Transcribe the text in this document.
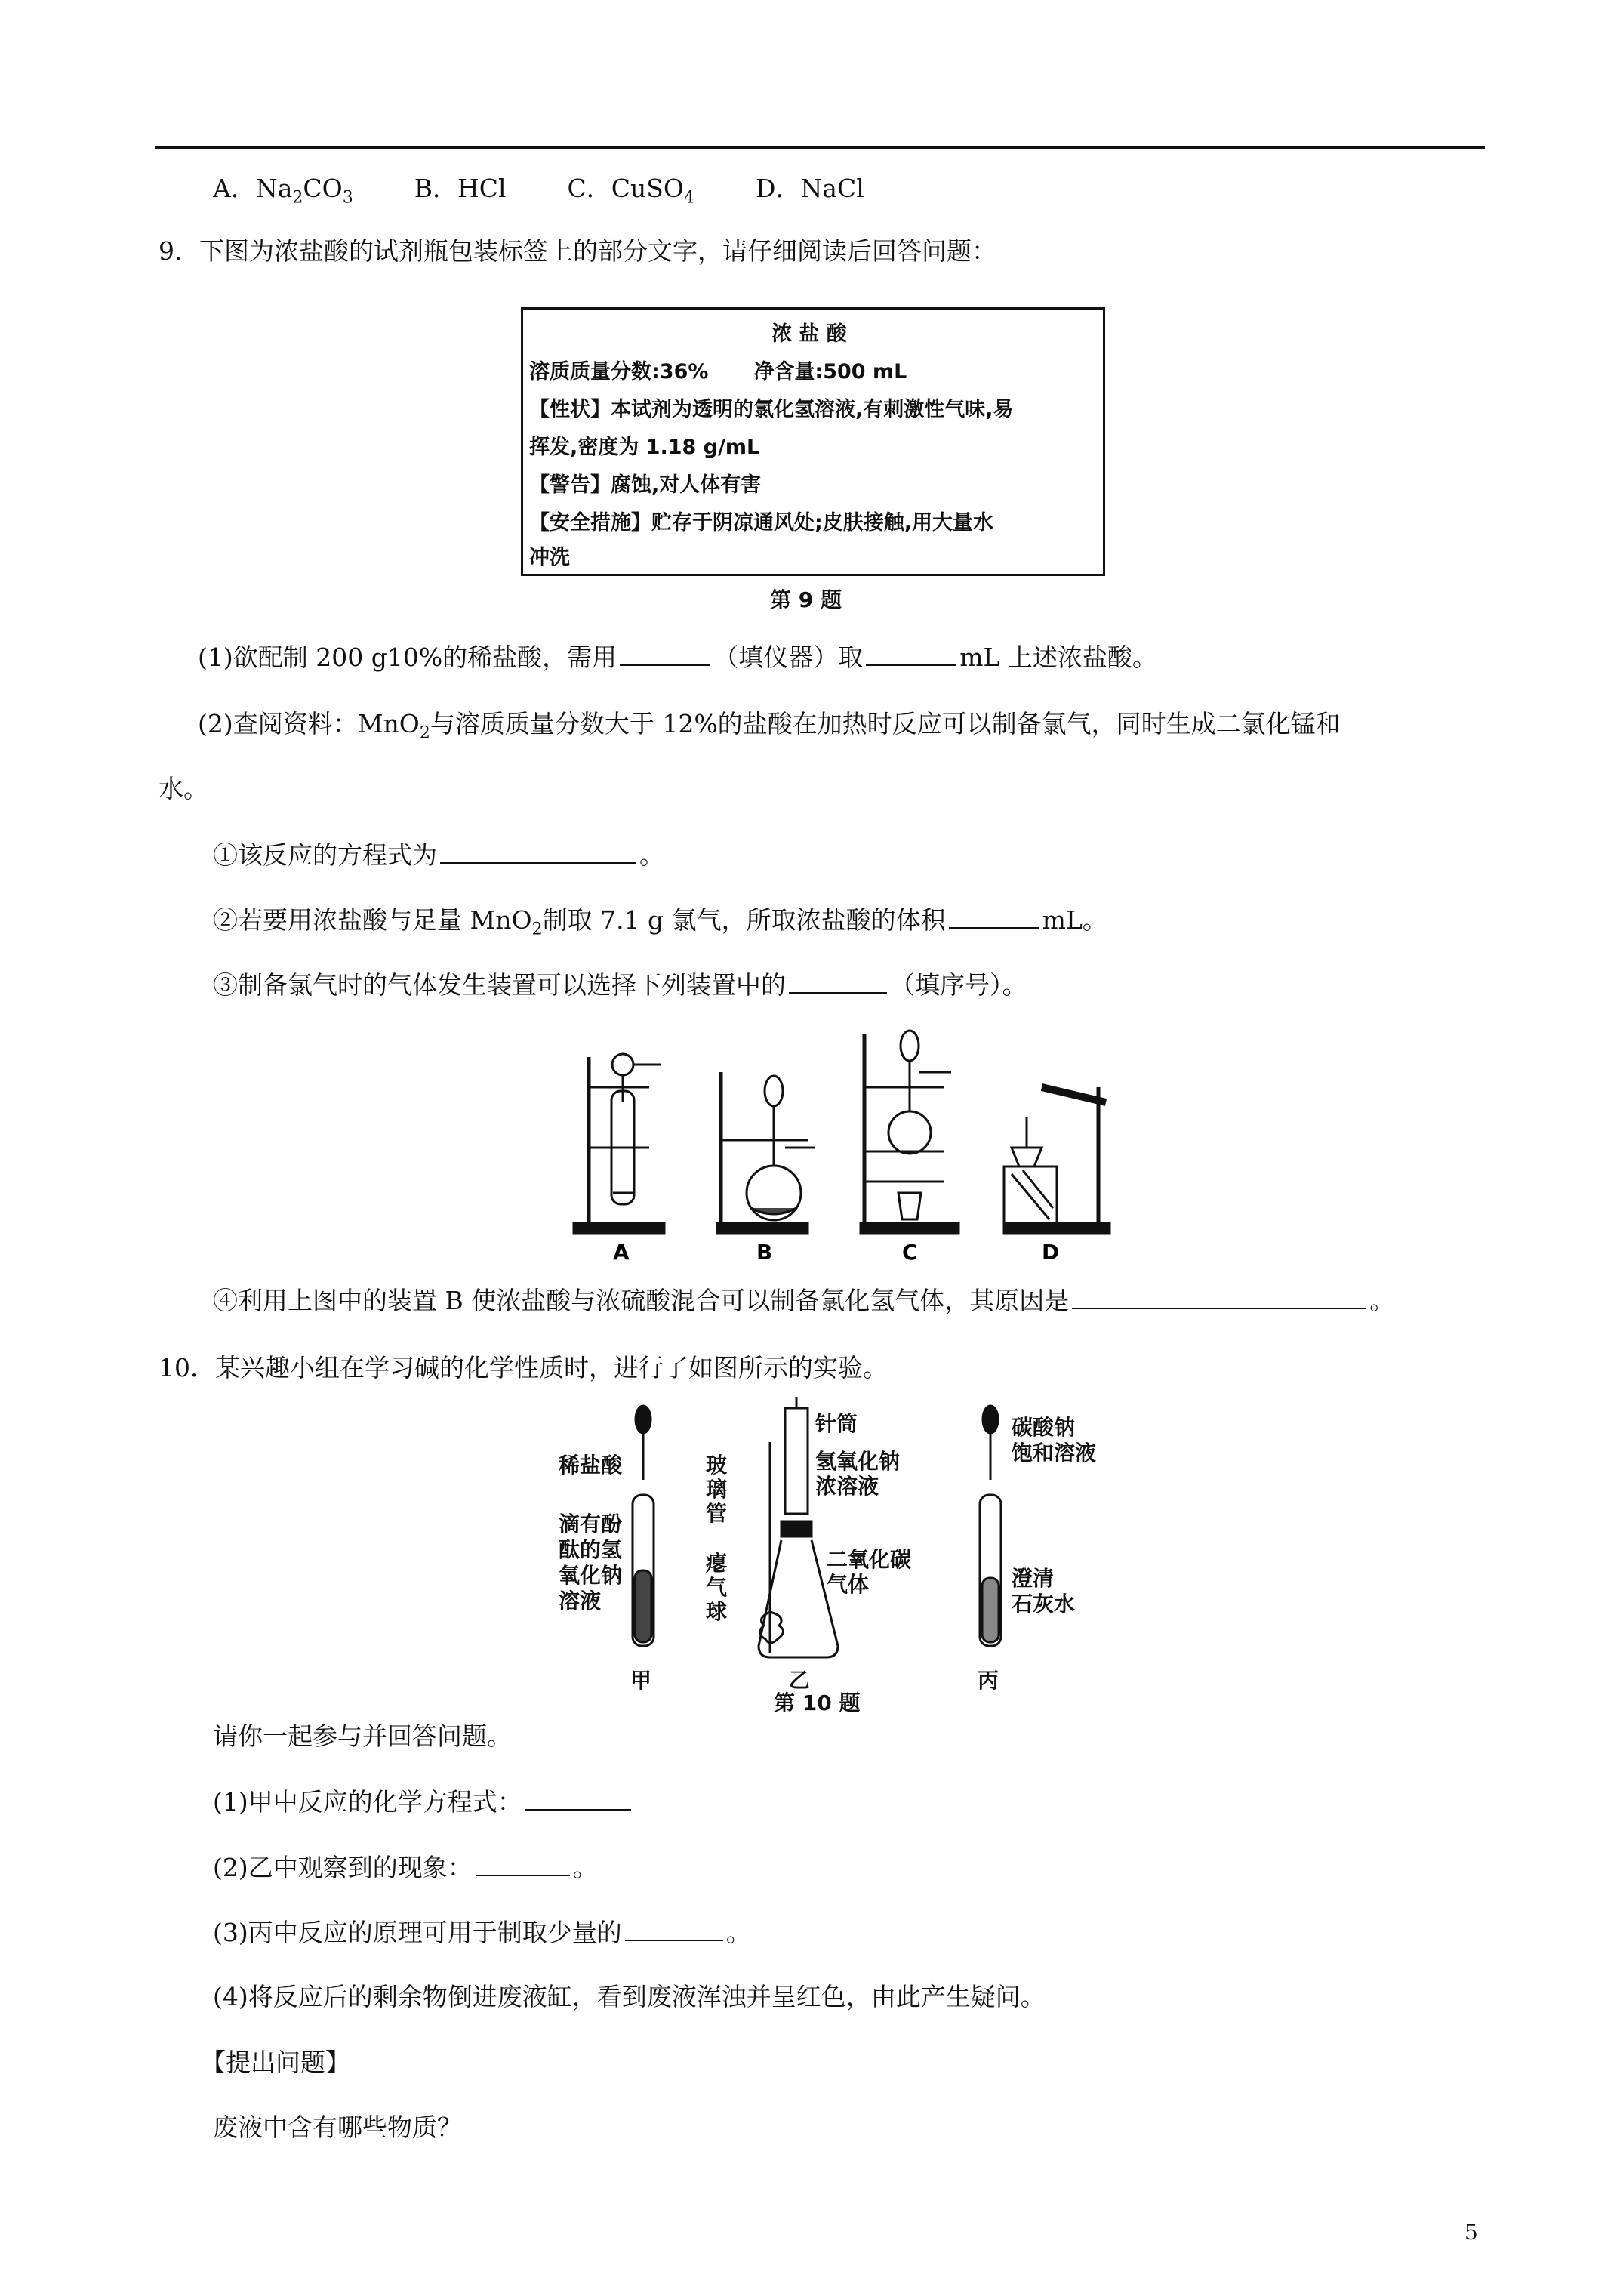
A．$Na_2CO_3$ B．HCl C．CuSO$_4$ D．NaCl
9．下图为浓盐酸的试剂瓶包装标签上的部分文字，请仔细阅读后回答问题：
浓 盐 酸
溶质质量分数:36% 净含量:500 mL
【性状】本试剂为透明的氯化氢溶液,有刺激性气味,易
挥发,密度为 1.18 g/mL
【警告】腐蚀,对人体有害
【安全措施】贮存于阴凉通风处;皮肤接触,用大量水
冲洗
第 9 题
(1)欲配制 200 g10%的稀盐酸，需用	（填仪器）取	mL 上述浓盐酸。
(2)查阅资料：MnO$_2$与溶质质量分数大于 12%的盐酸在加热时反应可以制备氯气，同时生成二氯化锰和
水。
①该反应的方程式为	。
②若要用浓盐酸与足量 MnO$_2$制取 7.1 g 氯气，所取浓盐酸的体积	mL。
③制备氯气时的气体发生装置可以选择下列装置中的	（填序号）。
A	B	C	D
④利用上图中的装置 B 使浓盐酸与浓硫酸混合可以制备氯化氢气体，其原因是	。
10．某兴趣小组在学习碱的化学性质时，进行了如图所示的实验。
稀盐酸
滴有酚
酞的氢
氧化钠
溶液
甲
玻
璃
管
瘪
气
球
针筒
氢氧化钠
浓溶液
二氧化碳
气体
乙
碳酸钠
饱和溶液
澄清
石灰水
丙
第 10 题
请你一起参与并回答问题。
(1)甲中反应的化学方程式：
(2)乙中观察到的现象：	。
(3)丙中反应的原理可用于制取少量的	。
(4)将反应后的剩余物倒进废液缸，看到废液浑浊并呈红色，由此产生疑问。
【提出问题】
废液中含有哪些物质？
5
